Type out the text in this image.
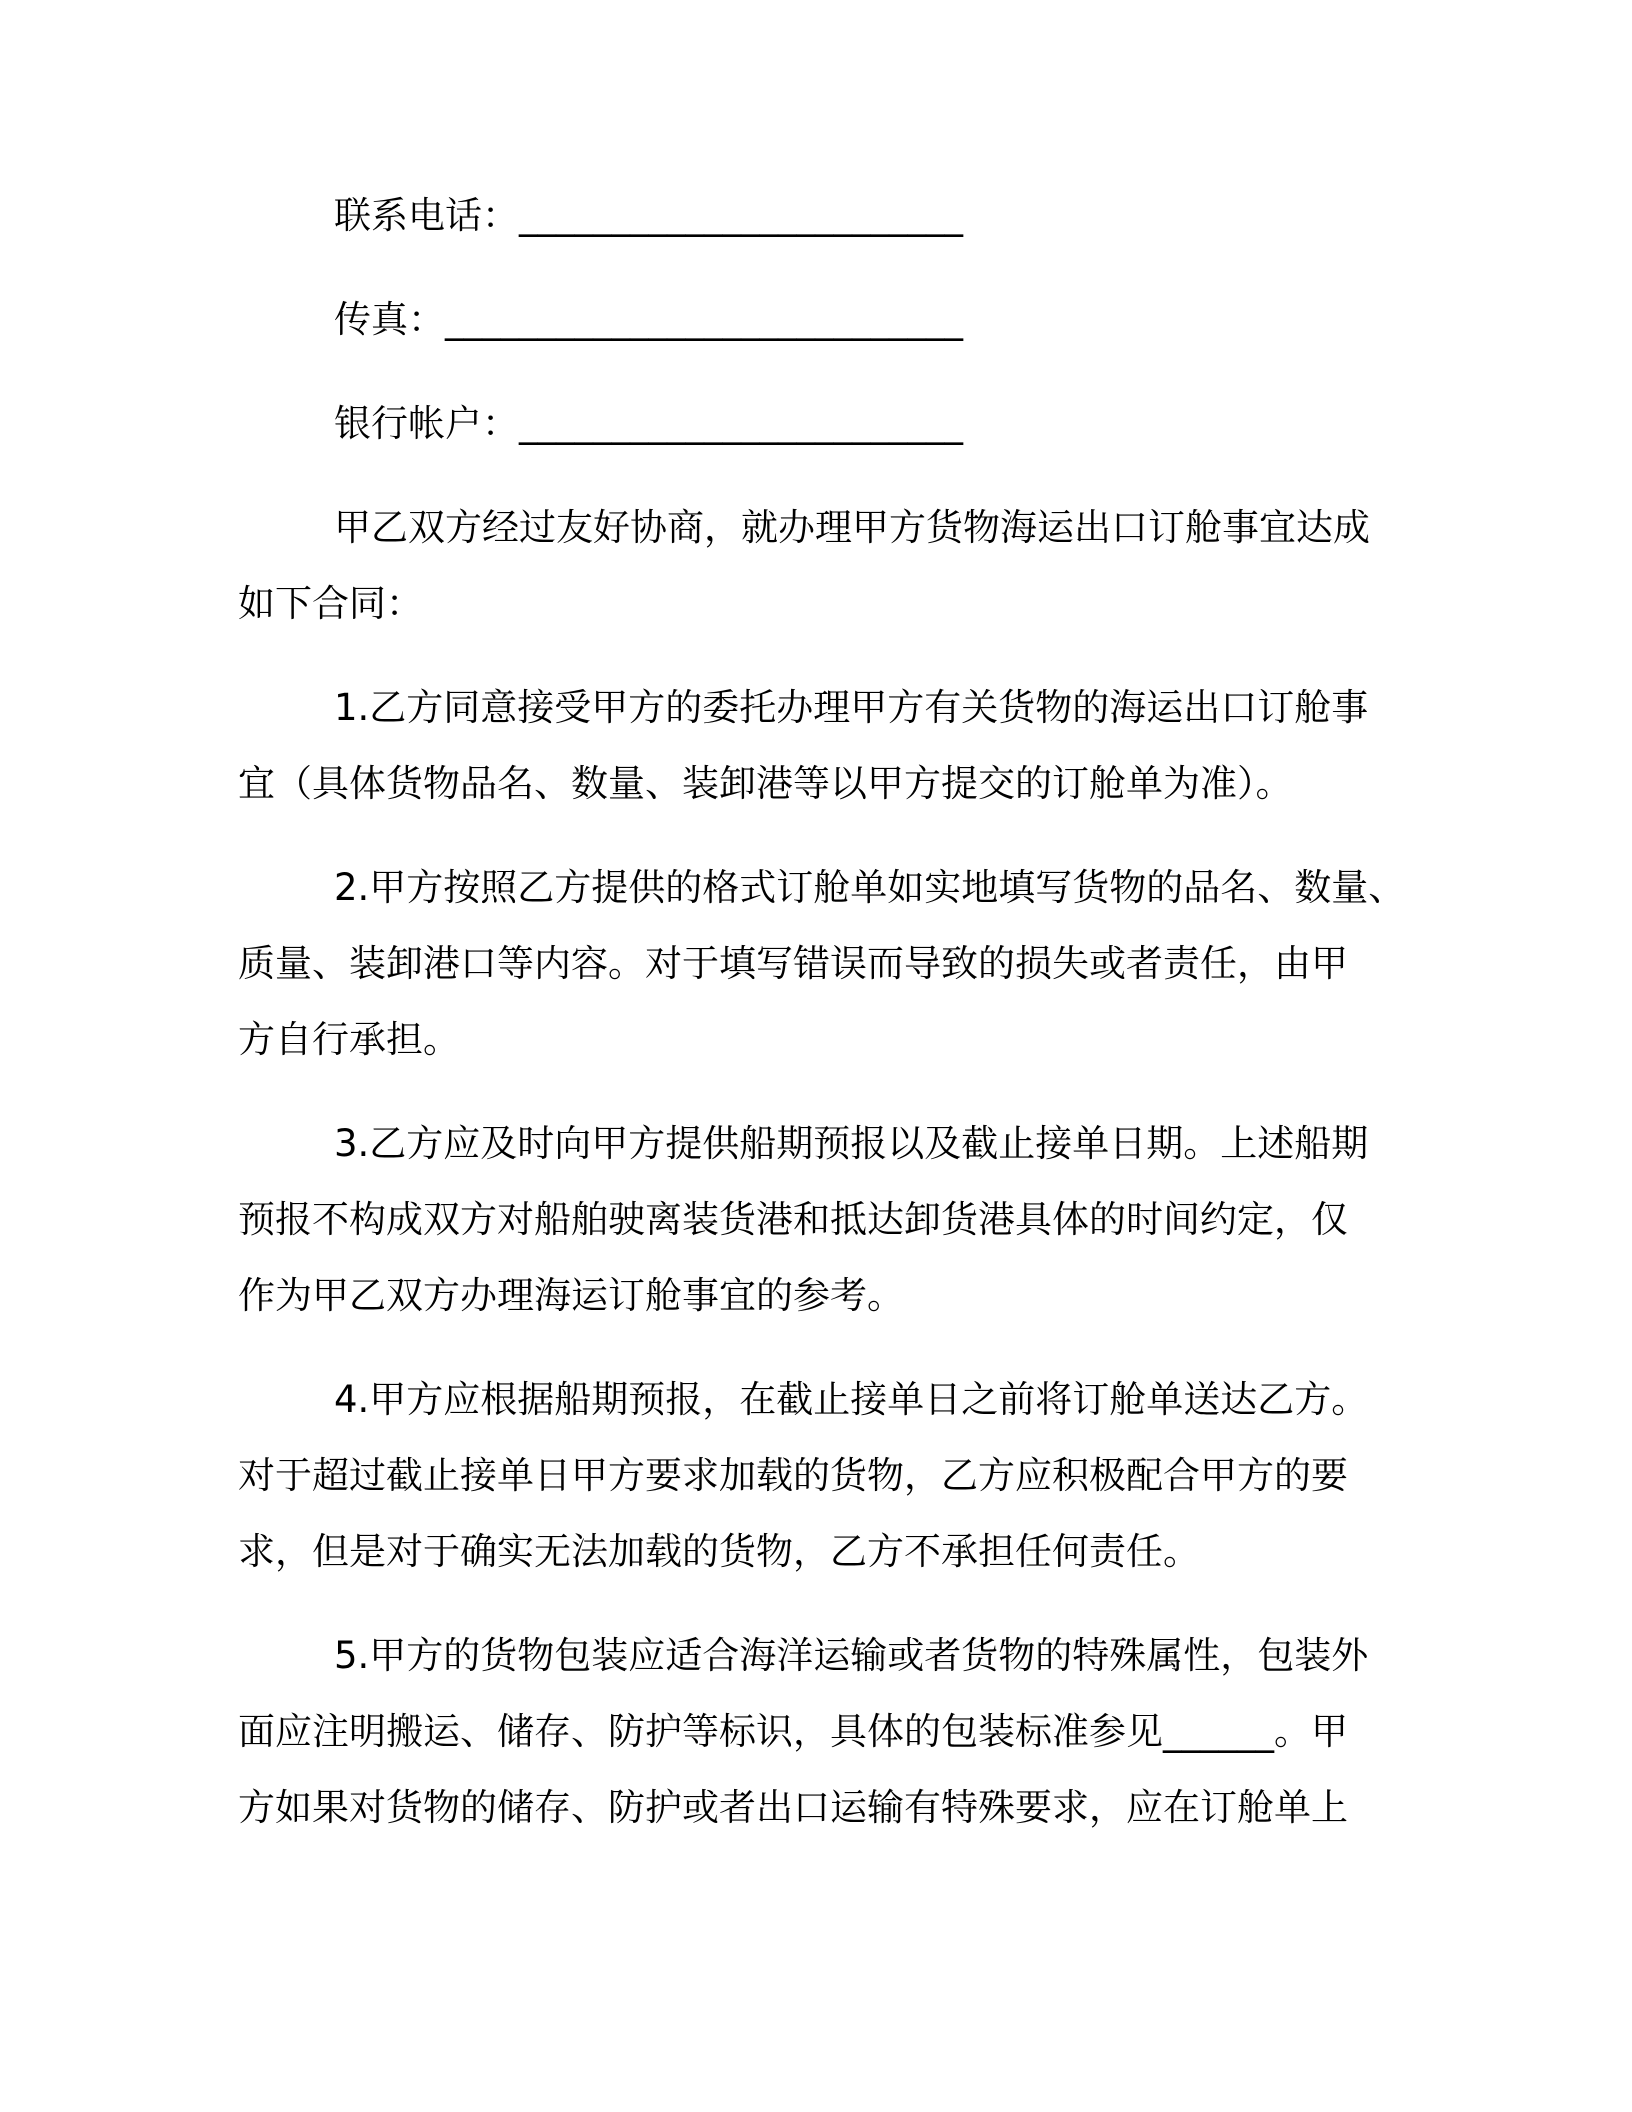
联系电话：________________________
传真：____________________________
银行帐户：________________________
甲乙双方经过友好协商，就办理甲方货物海运出口订舱事宜达成
如下合同：
1.乙方同意接受甲方的委托办理甲方有关货物的海运出口订舱事
宜（具体货物品名、数量、装卸港等以甲方提交的订舱单为准）。
2.甲方按照乙方提供的格式订舱单如实地填写货物的品名、数量、
质量、装卸港口等内容。对于填写错误而导致的损失或者责任，由甲
方自行承担。
3.乙方应及时向甲方提供船期预报以及截止接单日期。上述船期
预报不构成双方对船舶驶离装货港和抵达卸货港具体的时间约定，仅
作为甲乙双方办理海运订舱事宜的参考。
4.甲方应根据船期预报，在截止接单日之前将订舱单送达乙方。
对于超过截止接单日甲方要求加载的货物，乙方应积极配合甲方的要
求，但是对于确实无法加载的货物，乙方不承担任何责任。
5.甲方的货物包装应适合海洋运输或者货物的特殊属性，包装外
面应注明搬运、储存、防护等标识，具体的包装标准参见______。甲
方如果对货物的储存、防护或者出口运输有特殊要求，应在订舱单上
